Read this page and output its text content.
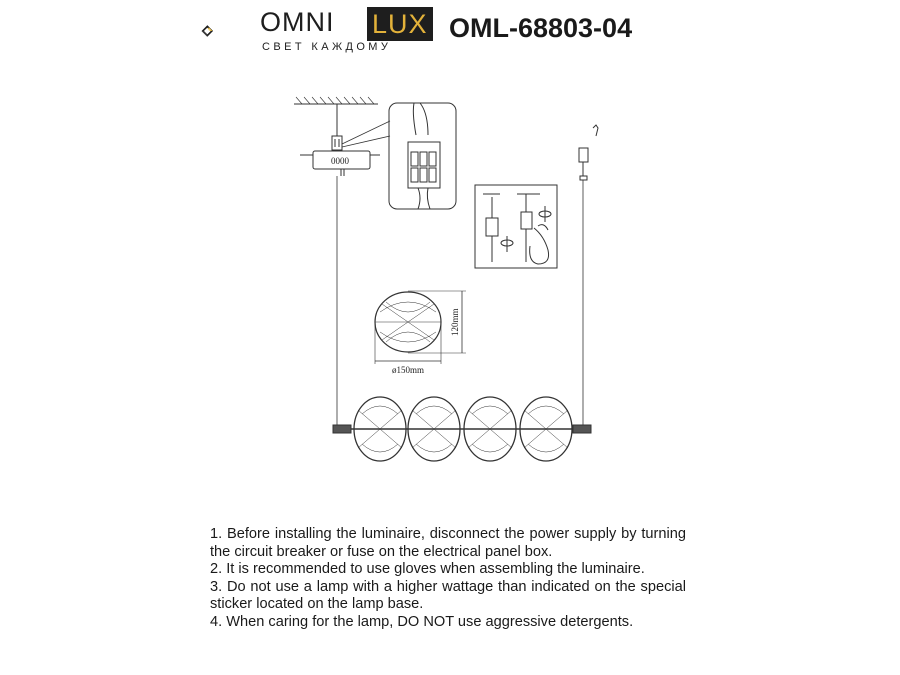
OMNI LUX
СВЕТ КАЖДОМУ
OML-68803-04
0000
120mm
ø150mm

1. Before installing the luminaire, disconnect the power supply by turning the circuit breaker or fuse on the electrical panel box.

2. It is recommended to use gloves when assembling the luminaire.

3. Do not use a lamp with a higher wattage than indicated on the special sticker located on the lamp base.

4. When caring for the lamp, DO NOT use aggressive detergents.
